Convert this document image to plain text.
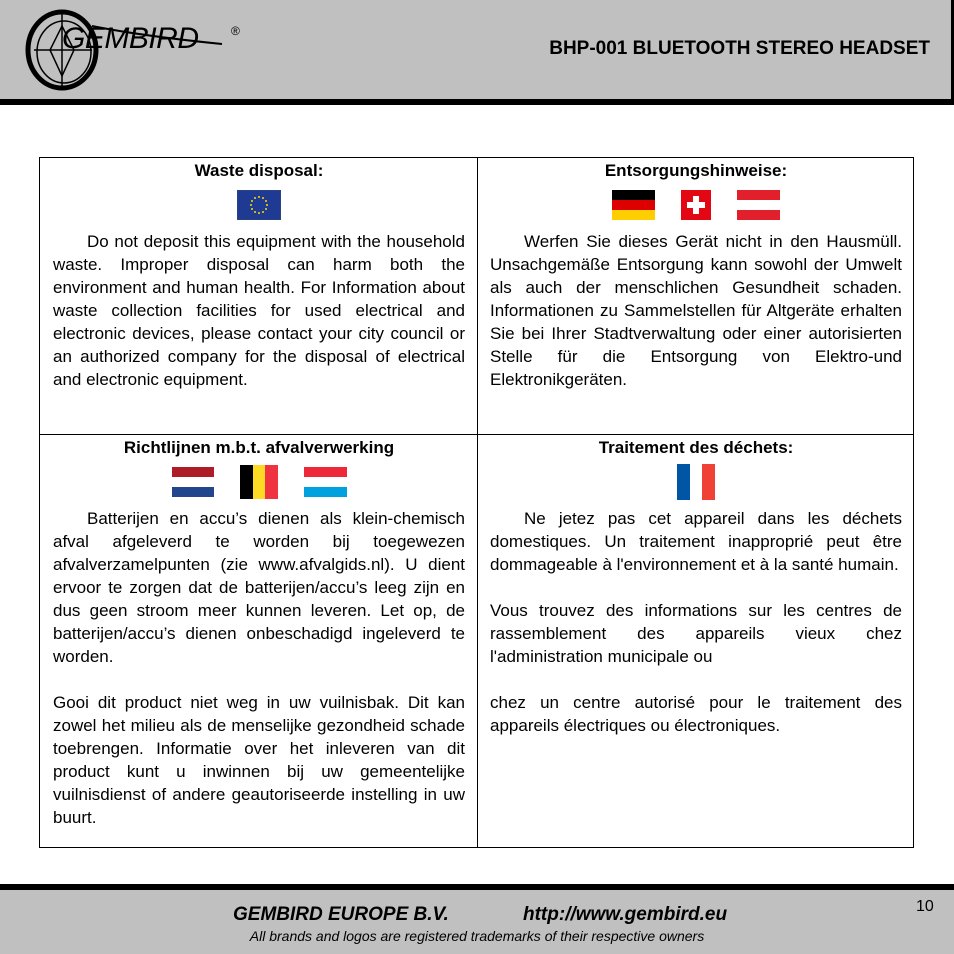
GEMBIRD	®
BHP-001 BLUETOOTH STEREO HEADSET
Waste disposal:

Do not deposit this equipment with the household waste. Improper disposal can harm both the environment and human health. For Information about waste collection facilities for used electrical and electronic devices, please contact your city council or an authorized company for the disposal of electrical and electronic equipment.

Entsorgungshinweise:

Werfen Sie dieses Gerät nicht in den Hausmüll. Unsachgemäße Entsorgung kann sowohl der Umwelt als auch der menschlichen Gesundheit schaden. Informationen zu Sammelstellen für Altgeräte erhalten Sie bei Ihrer Stadtverwaltung oder einer autorisierten Stelle für die Entsorgung von Elektro-und Elektronikgeräten.

Richtlijnen m.b.t. afvalverwerking

Batterijen en accu’s dienen als klein-chemisch afval afgeleverd te worden bij toegewezen afvalverzamelpunten (zie www.afvalgids.nl). U dient ervoor te zorgen dat de batterijen/accu’s leeg zijn en dus geen stroom meer kunnen leveren. Let op, de batterijen/accu’s dienen onbeschadigd ingeleverd te worden.

Gooi dit product niet weg in uw vuilnisbak. Dit kan zowel het milieu als de menselijke gezondheid schade toebrengen. Informatie over het inleveren van dit product kunt u inwinnen bij uw gemeentelijke vuilnisdienst of andere geautoriseerde instelling in uw buurt.

Traitement des déchets:

Ne jetez pas cet appareil dans les déchets domestiques. Un traitement inapproprié peut être dommageable à l'environnement et à la santé humain.

Vous trouvez des informations sur les centres de rassemblement des appareils vieux chez l'administration municipale ou

chez un centre autorisé pour le traitement des appareils électriques ou électroniques.

GEMBIRD EUROPE B.V.	http://www.gembird.eu
All brands and logos are registered trademarks of their respective owners
10
